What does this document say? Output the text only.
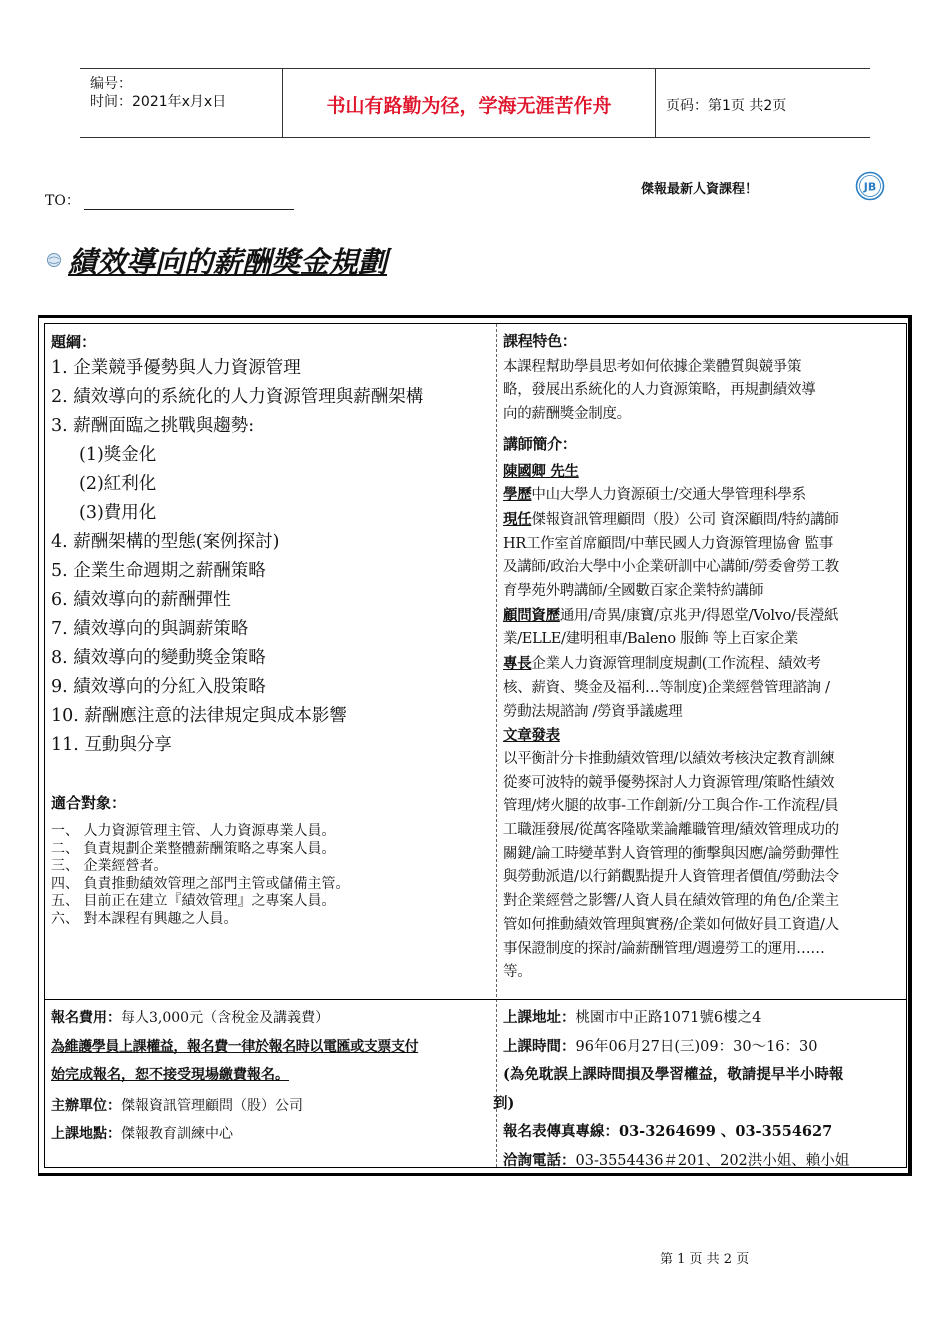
编号：
时间：2021年x月x日	书山有路勤为径，学海无涯苦作舟	页码：第1页 共2页
TO：
傑報最新人資課程！	JB
績效導向的薪酬獎金規劃
題綱：
1. 企業競爭優勢與人力資源管理
2. 績效導向的系統化的人力資源管理與薪酬架構
3. 薪酬面臨之挑戰與趨勢:
(1)獎金化
(2)紅利化
(3)費用化
4. 薪酬架構的型態(案例探討)
5. 企業生命週期之薪酬策略
6. 績效導向的薪酬彈性
7. 績效導向的與調薪策略
8. 績效導向的變動獎金策略
9. 績效導向的分紅入股策略
10. 薪酬應注意的法律規定與成本影響
11. 互動與分享
適合對象：
一、 人力資源管理主管、人力資源專業人員。
二、 負責規劃企業整體薪酬策略之專案人員。
三、 企業經營者。
四、 負責推動績效管理之部門主管或儲備主管。
五、 目前正在建立『績效管理』之專案人員。
六、 對本課程有興趣之人員。
課程特色：
本課程幫助學員思考如何依據企業體質與競爭策
略，發展出系統化的人力資源策略，再規劃績效導
向的薪酬獎金制度。
講師簡介：
陳國卿 先生
學歷中山大學人力資源碩士/交通大學管理科學系
現任傑報資訊管理顧問（股）公司 資深顧問/特約講師
HR工作室首席顧問/中華民國人力資源管理協會 監事
及講師/政治大學中小企業研訓中心講師/勞委會勞工教
育學苑外聘講師/全國數百家企業特約講師
顧問資歷通用/奇異/康寶/京兆尹/得恩堂/Volvo/長瀅紙
業/ELLE/建明租車/Baleno 服飾 等上百家企業
專長企業人力資源管理制度規劃(工作流程、績效考
核、薪資、獎金及福利…等制度)企業經營管理諮詢 /
勞動法規諮詢 /勞資爭議處理
文章發表
以平衡計分卡推動績效管理/以績效考核決定教育訓練
從麥可波特的競爭優勢探討人力資源管理/策略性績效
管理/烤火腿的故事-工作創新/分工與合作-工作流程/員
工職涯發展/從萬客隆歇業論離職管理/績效管理成功的
關鍵/論工時變革對人資管理的衝擊與因應/論勞動彈性
與勞動派遣/以行銷觀點提升人資管理者價值/勞動法令
對企業經營之影響/人資人員在績效管理的角色/企業主
管如何推動績效管理與實務/企業如何做好員工資遣/人
事保證制度的探討/論薪酬管理/週邊勞工的運用……
等。
報名費用：每人3,000元（含稅金及講義費）
為維護學員上課權益，報名費一律於報名時以電匯或支票支付
始完成報名，恕不接受現場繳費報名。
主辦單位：傑報資訊管理顧問（股）公司
上課地點：傑報教育訓練中心
上課地址：桃園市中正路1071號6樓之4
上課時間：96年06月27日(三)09：30～16：30
(為免耽誤上課時間損及學習權益，敬請提早半小時報
到)
報名表傳真專線：03-3264699 、03-3554627
洽詢電話：03-3554436＃201、202洪小姐、賴小姐
第 1 页 共 2 页
